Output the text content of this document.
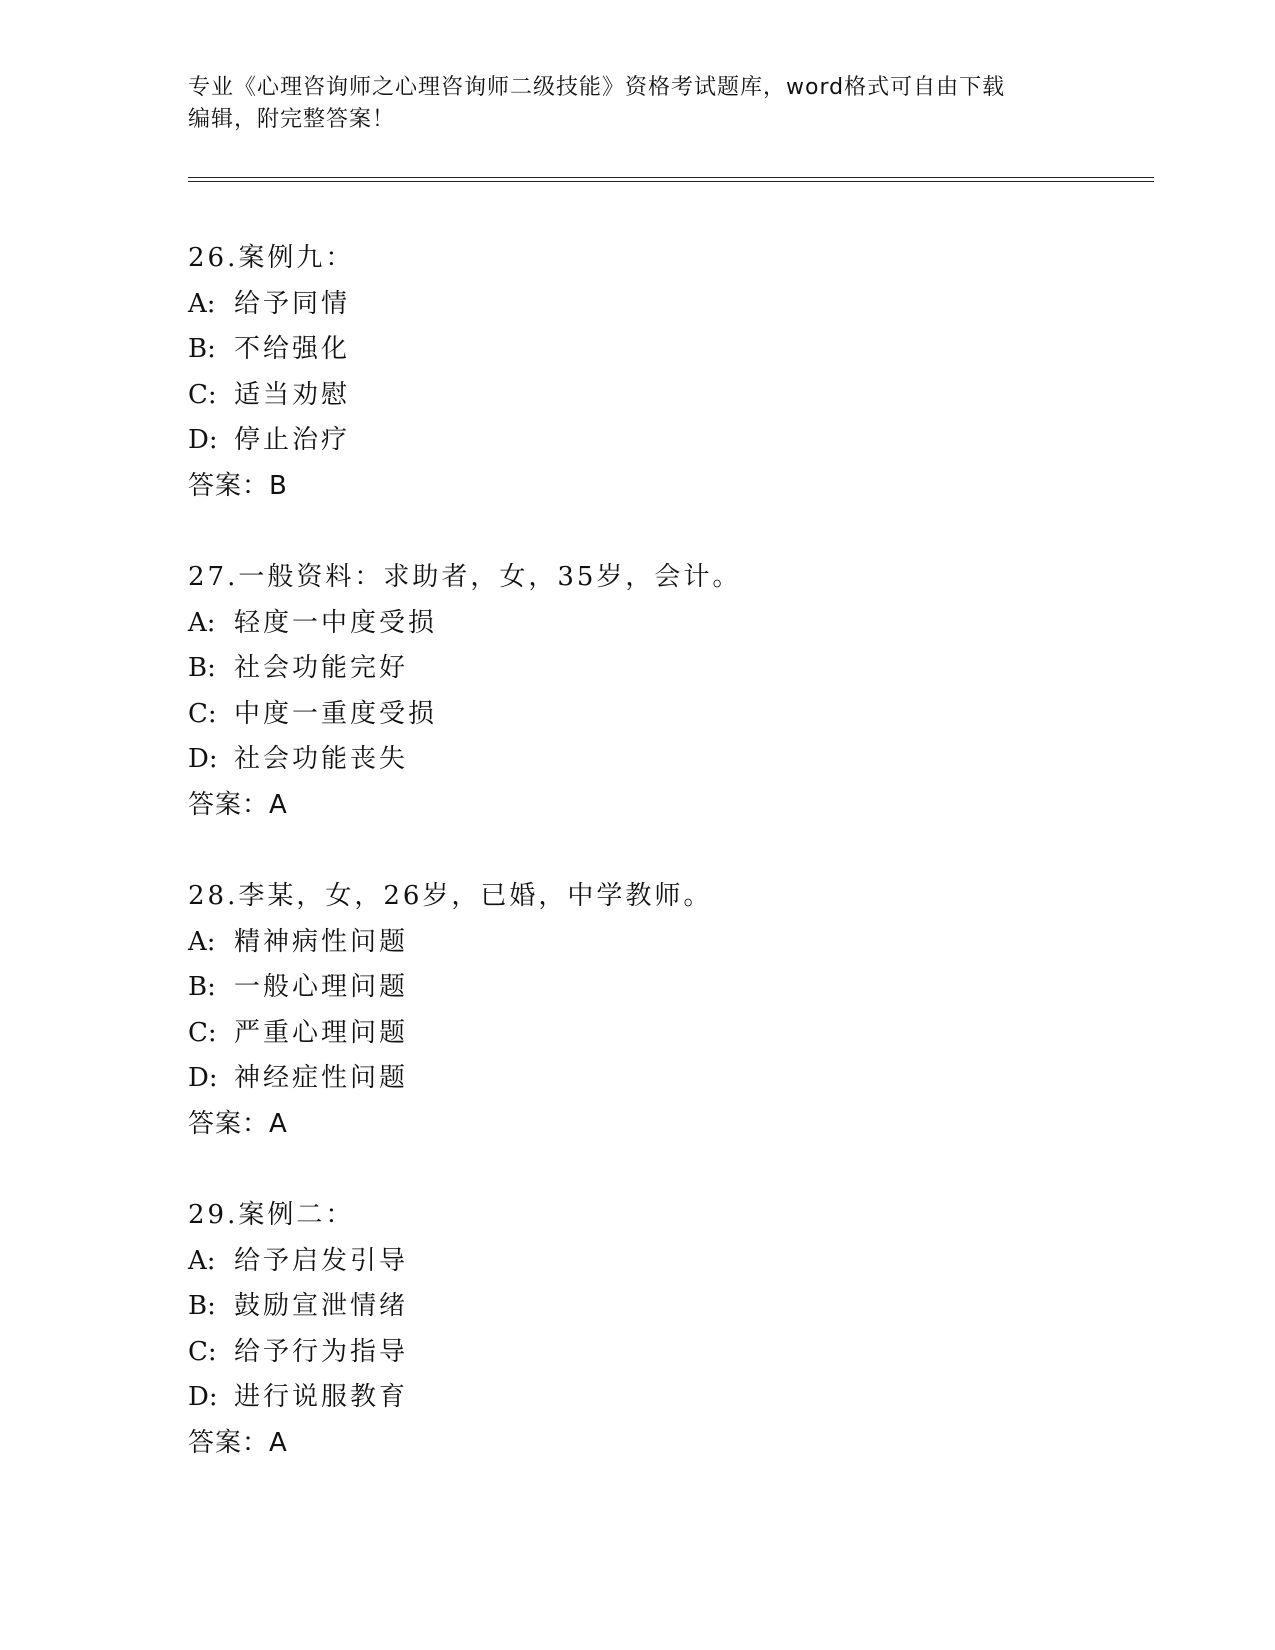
专业《心理咨询师之心理咨询师二级技能》资格考试题库，word格式可自由下载
编辑，附完整答案！
26.案例九：
A: 给予同情
B: 不给强化
C: 适当劝慰
D: 停止治疗
答案：B
27.一般资料：求助者，女，35岁，会计。
A: 轻度一中度受损
B: 社会功能完好
C: 中度一重度受损
D: 社会功能丧失
答案：A
28.李某，女，26岁，已婚，中学教师。
A: 精神病性问题
B: 一般心理问题
C: 严重心理问题
D: 神经症性问题
答案：A
29.案例二：
A: 给予启发引导
B: 鼓励宣泄情绪
C: 给予行为指导
D: 进行说服教育
答案：A
